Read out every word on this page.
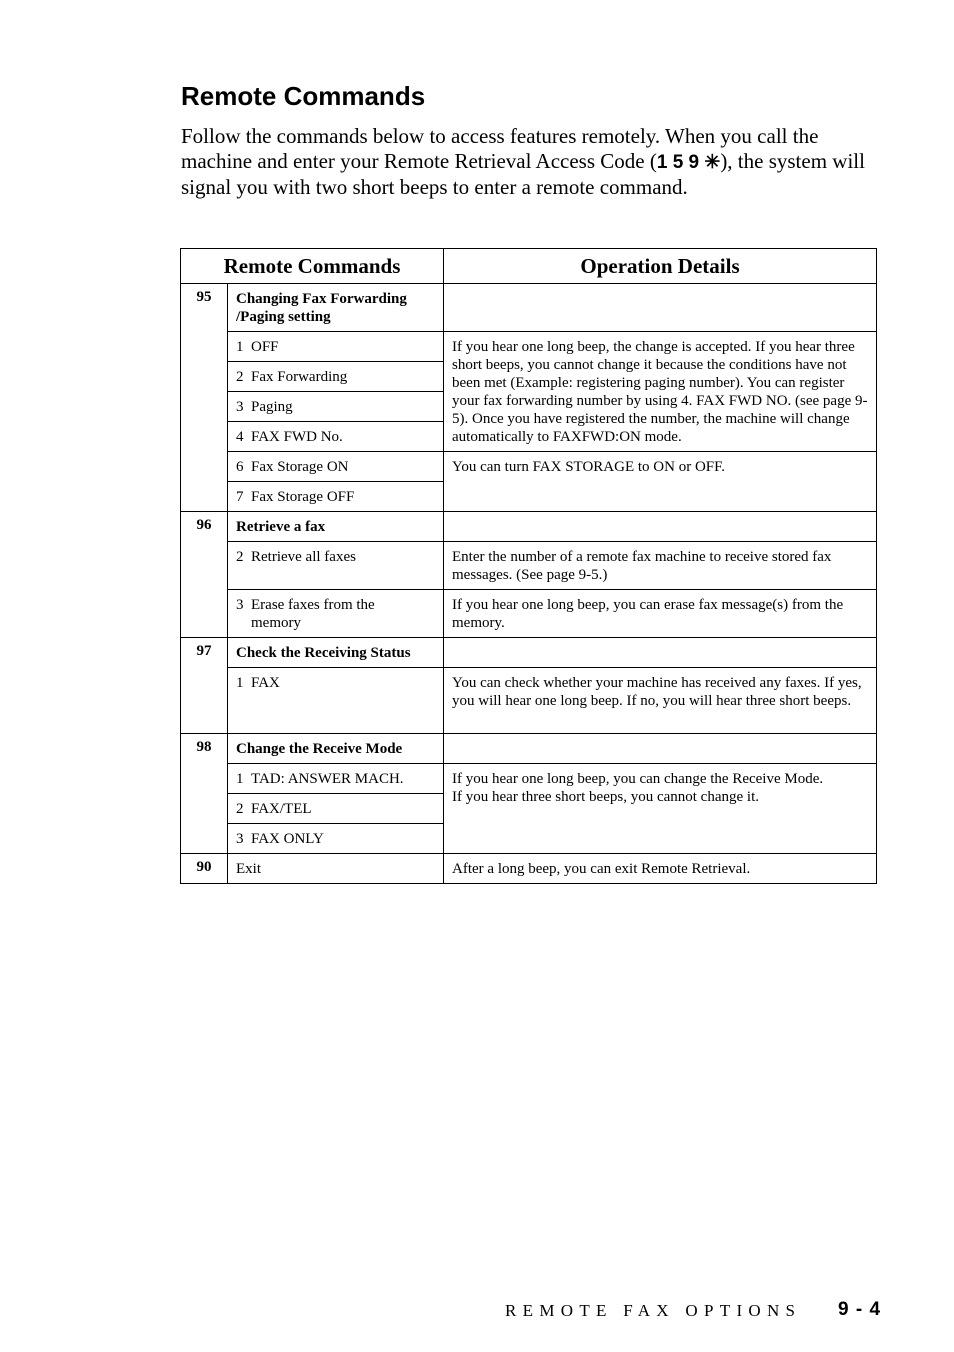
Remote Commands

Follow the commands below to access features remotely. When you call the machine and enter your Remote Retrieval Access Code (1 5 9 ✳), the system will signal you with two short beeps to enter a remote command.

Remote Commands		Operation Details
95	Changing Fax Forwarding
/Paging setting	
	1 OFF	If you hear one long beep, the change is accepted. If you hear three short beeps, you cannot change it because the conditions have not been met (Example: registering paging number). You can register your fax forwarding number by using 4. FAX FWD NO. (see page 9-5). Once you have registered the number, the machine will change automatically to FAXFWD:ON mode.
	2 Fax Forwarding	
	3 Paging	
	4 FAX FWD No.	
	6 Fax Storage ON	You can turn FAX STORAGE to ON or OFF.
	7 Fax Storage OFF	
96	Retrieve a fax	
	2 Retrieve all faxes	Enter the number of a remote fax machine to receive stored fax messages. (See page 9-5.)
	3 Erase faxes from the
memory	If you hear one long beep, you can erase fax message(s) from the memory.
97	Check the Receiving Status	
	1 FAX	You can check whether your machine has received any faxes. If yes, you will hear one long beep. If no, you will hear three short beeps.
98	Change the Receive Mode	
	1 TAD: ANSWER MACH.	If you hear one long beep, you can change the Receive Mode.
If you hear three short beeps, you cannot change it.
	2 FAX/TEL	
	3 FAX ONLY	
90	Exit	After a long beep, you can exit Remote Retrieval.

REMOTE FAX OPTIONS 9 - 4
